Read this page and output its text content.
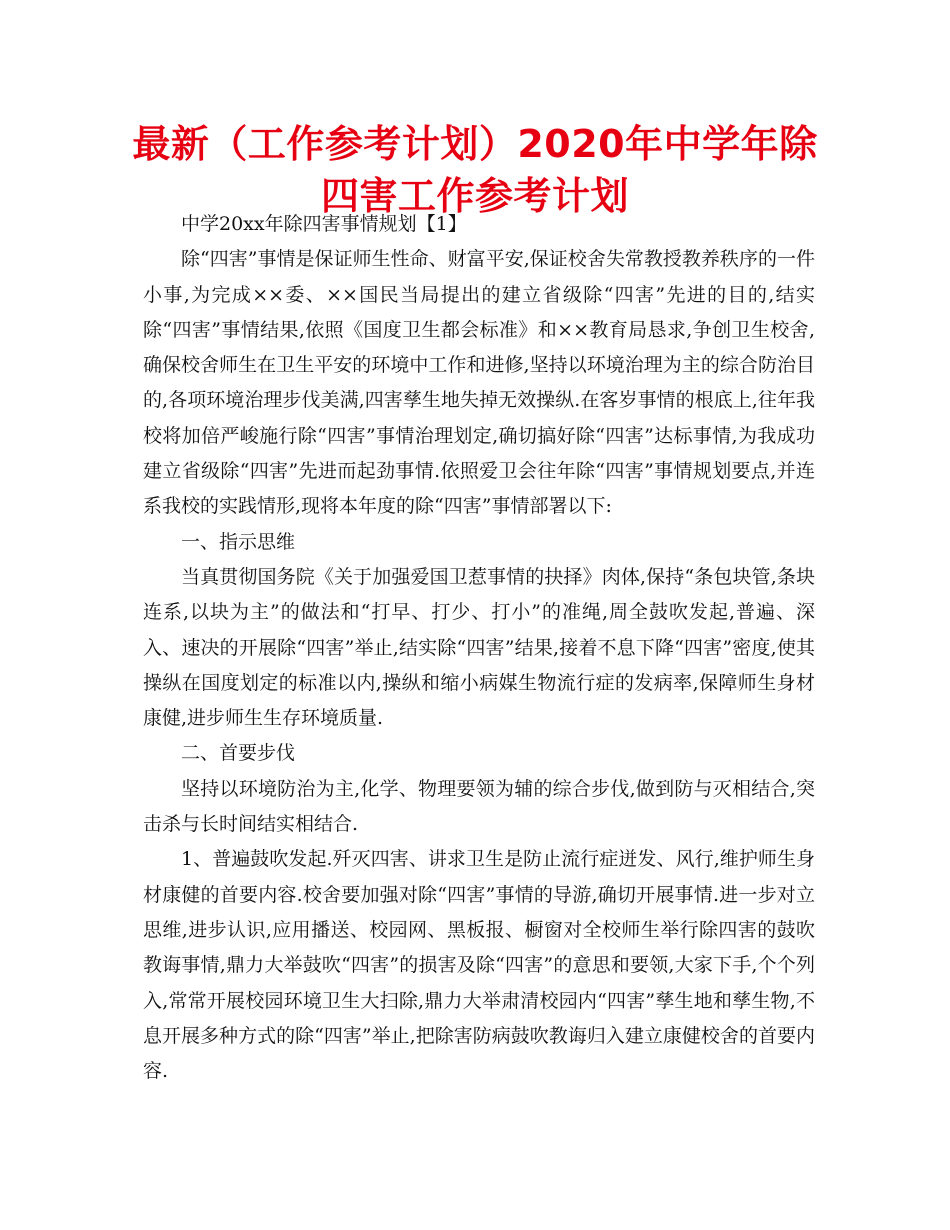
最新（工作参考计划）2020年中学年除四害工作参考计划

中学20xx年除四害事情规划【1】

除“四害”事情是保证师生性命、财富平安,保证校舍失常教授教养秩序的一件小事,为完成××委、××国民当局提出的建立省级除“四害”先进的目的,结实除“四害”事情结果,依照《国度卫生都会标准》和××教育局恳求,争创卫生校舍,确保校舍师生在卫生平安的环境中工作和进修,坚持以环境治理为主的综合防治目的,各项环境治理步伐美满,四害孳生地失掉无效操纵.在客岁事情的根底上,往年我校将加倍严峻施行除“四害”事情治理划定,确切搞好除“四害”达标事情,为我成功建立省级除“四害”先进而起劲事情.依照爱卫会往年除“四害”事情规划要点,并连系我校的实践情形,现将本年度的除“四害”事情部署以下:

一、指示思维

当真贯彻国务院《关于加强爱国卫惹事情的抉择》肉体,保持“条包块管,条块连系,以块为主”的做法和“打早、打少、打小”的准绳,周全鼓吹发起,普遍、深入、速决的开展除“四害”举止,结实除“四害”结果,接着不息下降“四害”密度,使其操纵在国度划定的标准以内,操纵和缩小病媒生物流行症的发病率,保障师生身材康健,进步师生生存环境质量.

二、首要步伐

坚持以环境防治为主,化学、物理要领为辅的综合步伐,做到防与灭相结合,突击杀与长时间结实相结合.

1、普遍鼓吹发起.歼灭四害、讲求卫生是防止流行症迸发、风行,维护师生身材康健的首要内容.校舍要加强对除“四害”事情的导游,确切开展事情.进一步对立思维,进步认识,应用播送、校园网、黑板报、橱窗对全校师生举行除四害的鼓吹教诲事情,鼎力大举鼓吹“四害”的损害及除“四害”的意思和要领,大家下手,个个列入,常常开展校园环境卫生大扫除,鼎力大举肃清校园内“四害”孳生地和孳生物,不息开展多种方式的除“四害”举止,把除害防病鼓吹教诲归入建立康健校舍的首要内容.
